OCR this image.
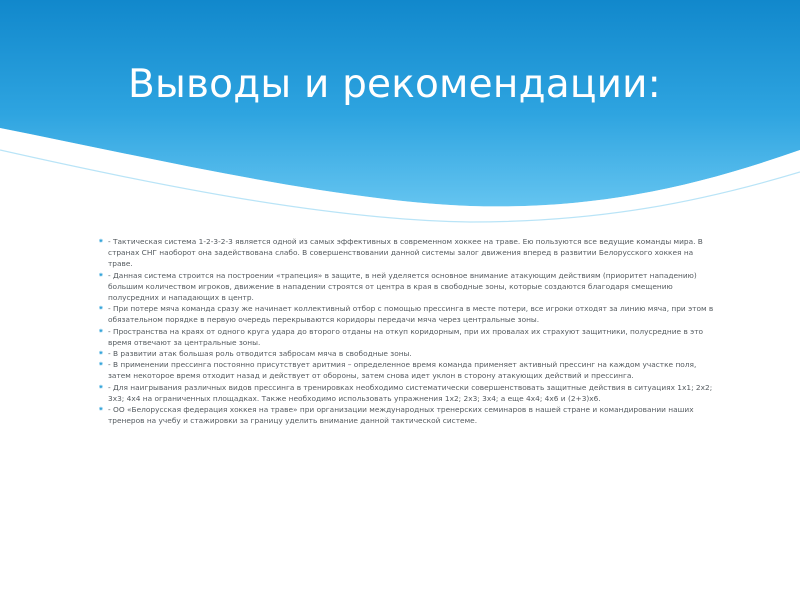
Выводы и рекомендации:
⁕ - Тактическая система 1-2-3-2-3 является одной из самых эффективных в современном хоккее на траве. Ею пользуются все ведущие команды мира. В странах СНГ наоборот она задействована слабо. В совершенствовании данной системы залог движения вперед в развитии Белорусского хоккея на траве.
⁕ - Данная система строится на построении «трапеция» в защите, в ней уделяется основное внимание атакующим действиям (приоритет нападению) большим количеством игроков, движение в нападении строятся от центра в края в свободные зоны, которые создаются благодаря смещению полусредних и нападающих в центр.
⁕ - При потере мяча команда сразу же начинает коллективный отбор с помощью прессинга в месте потери, все игроки отходят за линию мяча, при этом в обязательном порядке в первую очередь перекрываются коридоры передачи мяча через центральные зоны.
⁕ - Пространства на краях от одного круга удара до второго отданы на откуп коридорным, при их провалах их страхуют защитники, полусредние в это время отвечают за центральные зоны.
⁕ - В развитии атак большая роль отводится забросам мяча в свободные зоны.
⁕ - В применении прессинга постоянно присутствует аритмия – определенное время команда применяет активный прессинг на каждом участке поля, затем некоторое время отходит назад и действует от обороны, затем снова идет уклон в сторону атакующих действий и прессинга.
⁕ - Для наигрывания различных видов прессинга в тренировках необходимо систематически совершенствовать защитные действия в ситуациях 1х1; 2х2; 3х3; 4х4 на ограниченных площадках. Также необходимо использовать упражнения 1х2; 2х3; 3х4; а еще 4х4; 4х6 и (2+3)х6.
⁕ - ОО «Белорусская федерация хоккея на траве» при организации международных тренерских семинаров в нашей стране и командировании наших тренеров на учебу и стажировки за границу уделить внимание данной тактической системе.
